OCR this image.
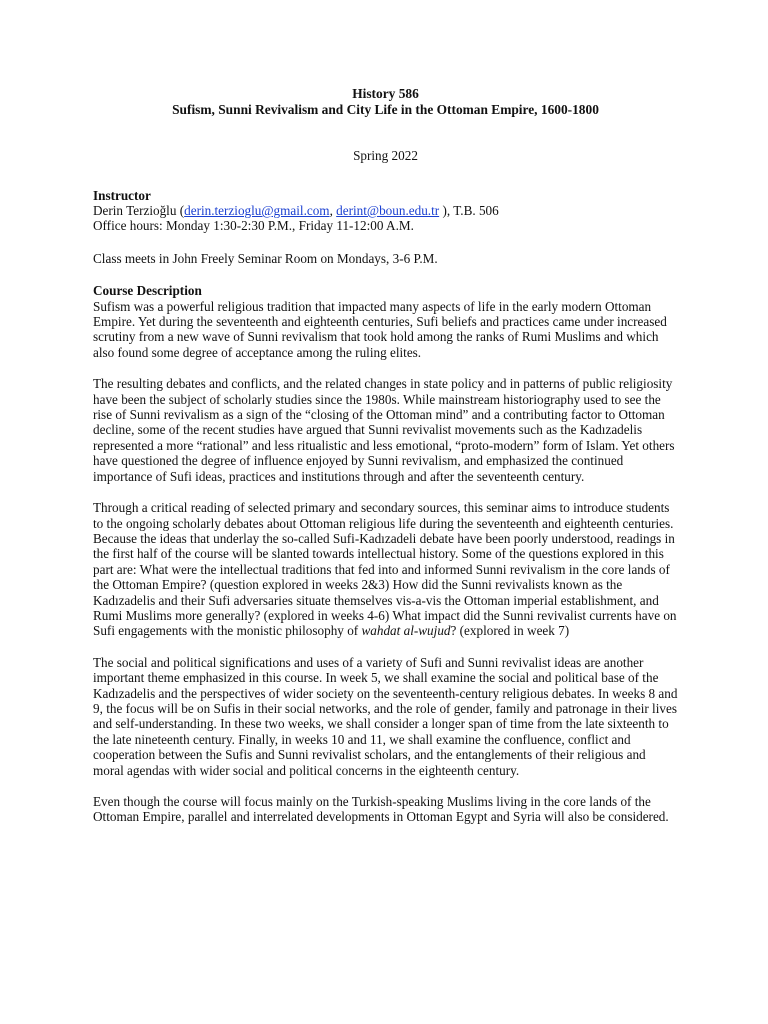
History 586
Sufism, Sunni Revivalism and City Life in the Ottoman Empire, 1600-1800
Spring 2022
Instructor
Derin Terzioğlu (derin.terzioglu@gmail.com, derint@boun.edu.tr ), T.B. 506
Office hours: Monday 1:30-2:30 P.M., Friday 11-12:00 A.M.
Class meets in John Freely Seminar Room on Mondays, 3-6 P.M.
Course Description

Sufism was a powerful religious tradition that impacted many aspects of life in the early modern Ottoman Empire. Yet during the seventeenth and eighteenth centuries, Sufi beliefs and practices came under increased scrutiny from a new wave of Sunni revivalism that took hold among the ranks of Rumi Muslims and which also found some degree of acceptance among the ruling elites.

The resulting debates and conflicts, and the related changes in state policy and in patterns of public religiosity have been the subject of scholarly studies since the 1980s. While mainstream historiography used to see the rise of Sunni revivalism as a sign of the “closing of the Ottoman mind” and a contributing factor to Ottoman decline, some of the recent studies have argued that Sunni revivalist movements such as the Kadızadelis represented a more “rational” and less ritualistic and less emotional, “proto-modern” form of Islam. Yet others have questioned the degree of influence enjoyed by Sunni revivalism, and emphasized the continued importance of Sufi ideas, practices and institutions through and after the seventeenth century.

Through a critical reading of selected primary and secondary sources, this seminar aims to introduce students to the ongoing scholarly debates about Ottoman religious life during the seventeenth and eighteenth centuries. Because the ideas that underlay the so-called Sufi-Kadızadeli debate have been poorly understood, readings in the first half of the course will be slanted towards intellectual history. Some of the questions explored in this part are: What were the intellectual traditions that fed into and informed Sunni revivalism in the core lands of the Ottoman Empire? (question explored in weeks 2&3) How did the Sunni revivalists known as the Kadızadelis and their Sufi adversaries situate themselves vis-a-vis the Ottoman imperial establishment, and Rumi Muslims more generally? (explored in weeks 4-6) What impact did the Sunni revivalist currents have on Sufi engagements with the monistic philosophy of wahdat al-wujud? (explored in week 7)

The social and political significations and uses of a variety of Sufi and Sunni revivalist ideas are another important theme emphasized in this course. In week 5, we shall examine the social and political base of the Kadızadelis and the perspectives of wider society on the seventeenth-century religious debates. In weeks 8 and 9, the focus will be on Sufis in their social networks, and the role of gender, family and patronage in their lives and self-understanding. In these two weeks, we shall consider a longer span of time from the late sixteenth to the late nineteenth century. Finally, in weeks 10 and 11, we shall examine the confluence, conflict and cooperation between the Sufis and Sunni revivalist scholars, and the entanglements of their religious and moral agendas with wider social and political concerns in the eighteenth century.

Even though the course will focus mainly on the Turkish-speaking Muslims living in the core lands of the Ottoman Empire, parallel and interrelated developments in Ottoman Egypt and Syria will also be considered.
